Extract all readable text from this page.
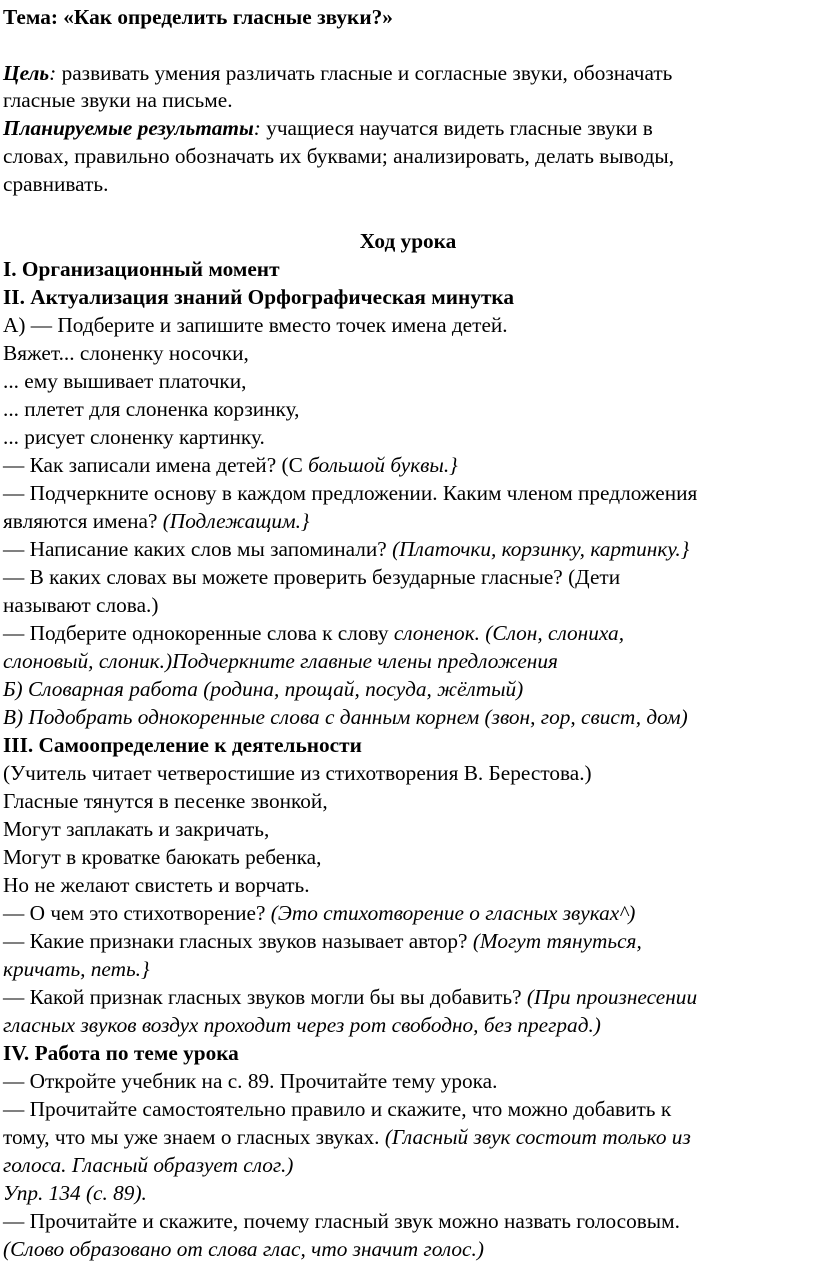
Тема: «Как определить гласные звуки?»
Цель: развивать умения различать гласные и согласные звуки, обозначать
гласные звуки на письме.
Планируемые результаты: учащиеся научатся видеть гласные звуки в
словах, правильно обозначать их буквами; анализировать, делать выводы,
сравнивать.
Ход урока
I. Организационный момент
II. Актуализация знаний Орфографическая минутка
А) — Подберите и запишите вместо точек имена детей.
Вяжет... слоненку носочки,
... ему вышивает платочки,
... плетет для слоненка корзинку,
... рисует слоненку картинку.
— Как записали имена детей? (С большой буквы.}
— Подчеркните основу в каждом предложении. Каким членом предложения
являются имена? (Подлежащим.}
— Написание каких слов мы запоминали? (Платочки, корзинку, картинку.}
— В каких словах вы можете проверить безударные гласные? (Дети
называют слова.)
— Подберите однокоренные слова к слову слоненок. (Слон, слониха,
слоновый, слоник.)Подчеркните главные члены предложения
Б) Словарная работа (родина, прощай, посуда, жёлтый)
В) Подобрать однокоренные слова с данным корнем (звон, гор, свист, дом)
III. Самоопределение к деятельности
(Учитель читает четверостишие из стихотворения В. Берестова.)
Гласные тянутся в песенке звонкой,
Могут заплакать и закричать,
Могут в кроватке баюкать ребенка,
Но не желают свистеть и ворчать.
— О чем это стихотворение? (Это стихотворение о гласных звуках^)
— Какие признаки гласных звуков называет автор? (Могут тянуться,
кричать, петь.}
— Какой признак гласных звуков могли бы вы добавить? (При произнесении
гласных звуков воздух проходит через рот свободно, без преград.)
IV. Работа по теме урока
— Откройте учебник на с. 89. Прочитайте тему урока.
— Прочитайте самостоятельно правило и скажите, что можно добавить к
тому, что мы уже знаем о гласных звуках. (Гласный звук состоит только из
голоса. Гласный образует слог.)
Упр. 134 (с. 89).
— Прочитайте и скажите, почему гласный звук можно назвать голосовым.
(Слово образовано от слова глас, что значит голос.)
